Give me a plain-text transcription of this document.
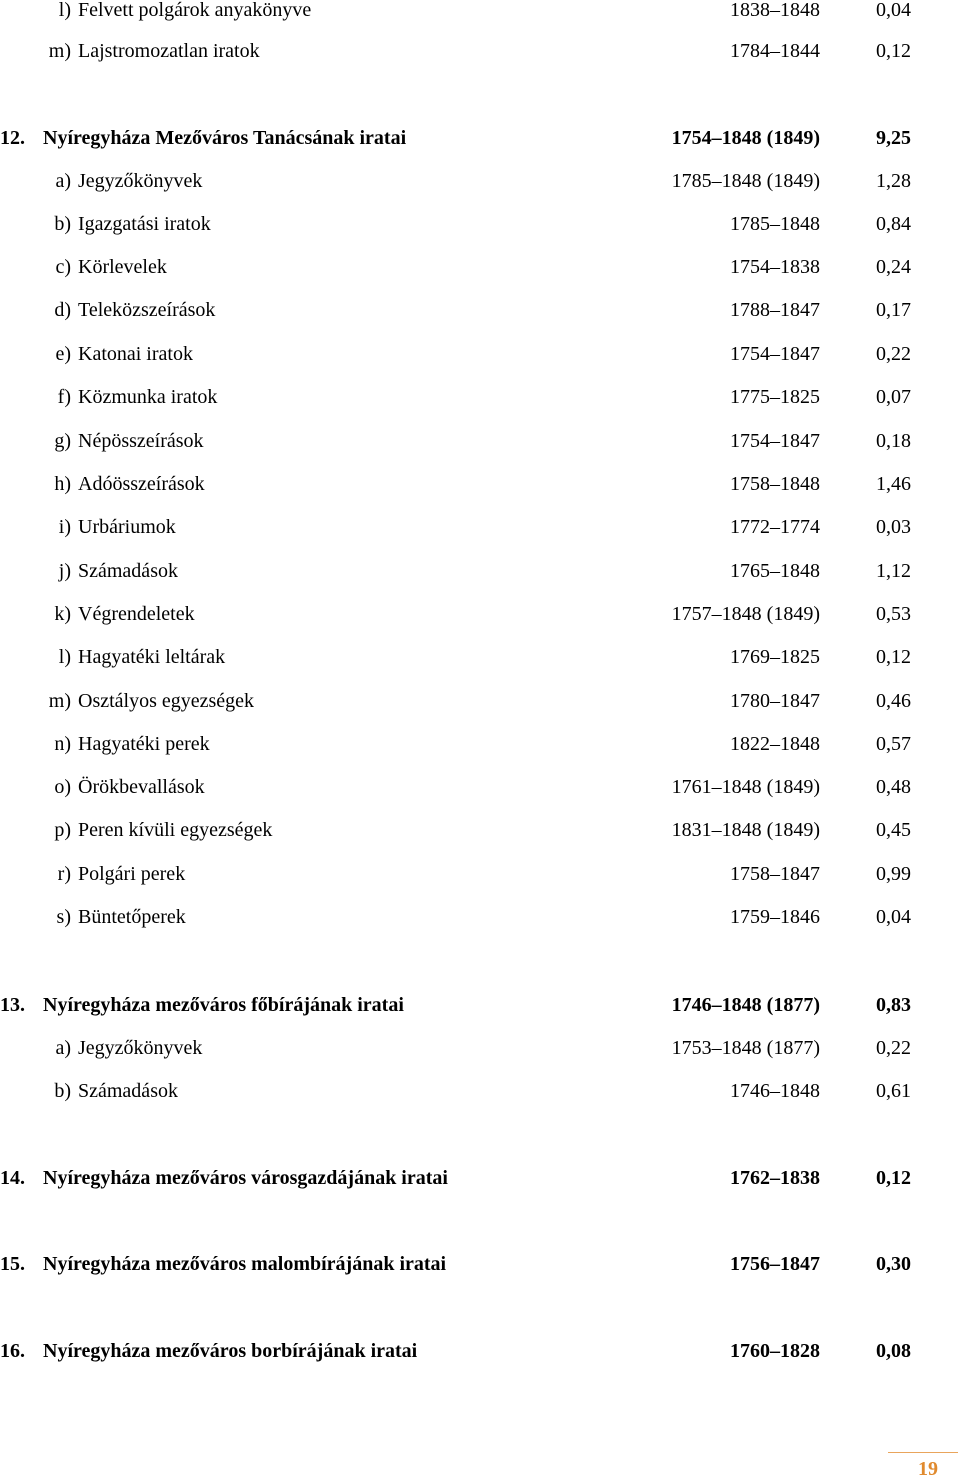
l) Felvett polgárok anyakönyve	1838–1848	0,04
m) Lajstromozatlan iratok	1784–1844	0,12
12. Nyíregyháza Mezőváros Tanácsának iratai	1754–1848 (1849)	9,25
a) Jegyzőkönyvek	1785–1848 (1849)	1,28
b) Igazgatási iratok	1785–1848	0,84
c) Körlevelek	1754–1838	0,24
d) Teleközszeírások	1788–1847	0,17
e) Katonai iratok	1754–1847	0,22
f) Közmunka iratok	1775–1825	0,07
g) Népösszeírások	1754–1847	0,18
h) Adóösszeírások	1758–1848	1,46
i) Urbáriumok	1772–1774	0,03
j) Számadások	1765–1848	1,12
k) Végrendeletek	1757–1848 (1849)	0,53
l) Hagyatéki leltárak	1769–1825	0,12
m) Osztályos egyezségek	1780–1847	0,46
n) Hagyatéki perek	1822–1848	0,57
o) Örökbevallások	1761–1848 (1849)	0,48
p) Peren kívüli egyezségek	1831–1848 (1849)	0,45
r) Polgári perek	1758–1847	0,99
s) Büntetőperek	1759–1846	0,04
13. Nyíregyháza mezőváros főbírájának iratai	1746–1848 (1877)	0,83
a) Jegyzőkönyvek	1753–1848 (1877)	0,22
b) Számadások	1746–1848	0,61
14. Nyíregyháza mezőváros városgazdájának iratai	1762–1838	0,12
15. Nyíregyháza mezőváros malombírájának iratai	1756–1847	0,30
16. Nyíregyháza mezőváros borbírájának iratai	1760–1828	0,08
19
